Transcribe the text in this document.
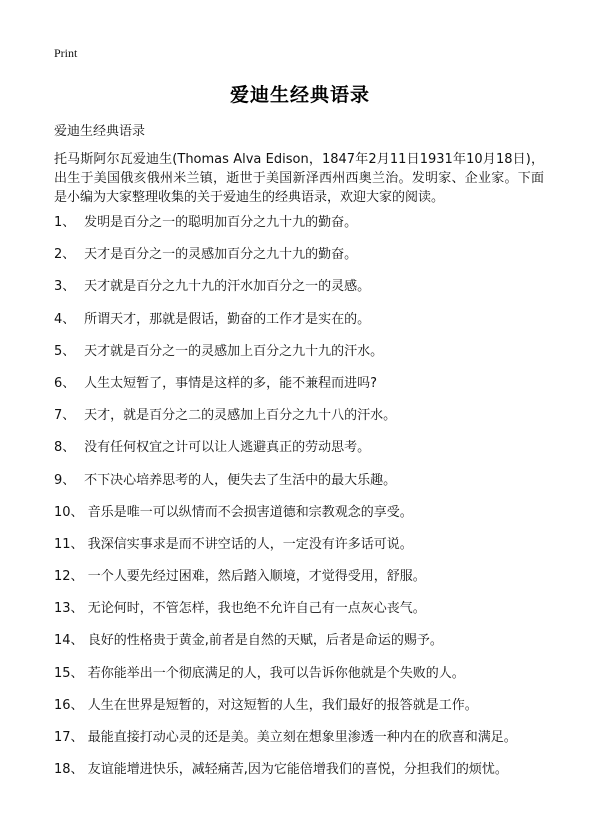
Print
爱迪生经典语录
爱迪生经典语录
托马斯阿尔瓦爱迪生(Thomas Alva Edison，1847年2月11日1931年10月18日)，出生于美国俄亥俄州米兰镇，逝世于美国新泽西州西奥兰治。发明家、企业家。下面是小编为大家整理收集的关于爱迪生的经典语录，欢迎大家的阅读。
1、 发明是百分之一的聪明加百分之九十九的勤奋。
2、 天才是百分之一的灵感加百分之九十九的勤奋。
3、 天才就是百分之九十九的汗水加百分之一的灵感。
4、 所谓天才，那就是假话，勤奋的工作才是实在的。
5、 天才就是百分之一的灵感加上百分之九十九的汗水。
6、 人生太短暂了，事情是这样的多，能不兼程而进吗?
7、 天才，就是百分之二的灵感加上百分之九十八的汗水。
8、 没有任何权宜之计可以让人逃避真正的劳动思考。
9、 不下决心培养思考的人，便失去了生活中的最大乐趣。
10、 音乐是唯一可以纵情而不会损害道德和宗教观念的享受。
11、 我深信实事求是而不讲空话的人，一定没有许多话可说。
12、 一个人要先经过困难，然后踏入顺境，才觉得受用，舒服。
13、 无论何时，不管怎样，我也绝不允许自己有一点灰心丧气。
14、 良好的性格贵于黄金,前者是自然的天赋，后者是命运的赐予。
15、 若你能举出一个彻底满足的人，我可以告诉你他就是个失败的人。
16、 人生在世界是短暂的，对这短暂的人生，我们最好的报答就是工作。
17、 最能直接打动心灵的还是美。美立刻在想象里渗透一种内在的欣喜和满足。
18、 友谊能增进快乐，减轻痛苦,因为它能倍增我们的喜悦，分担我们的烦忧。
